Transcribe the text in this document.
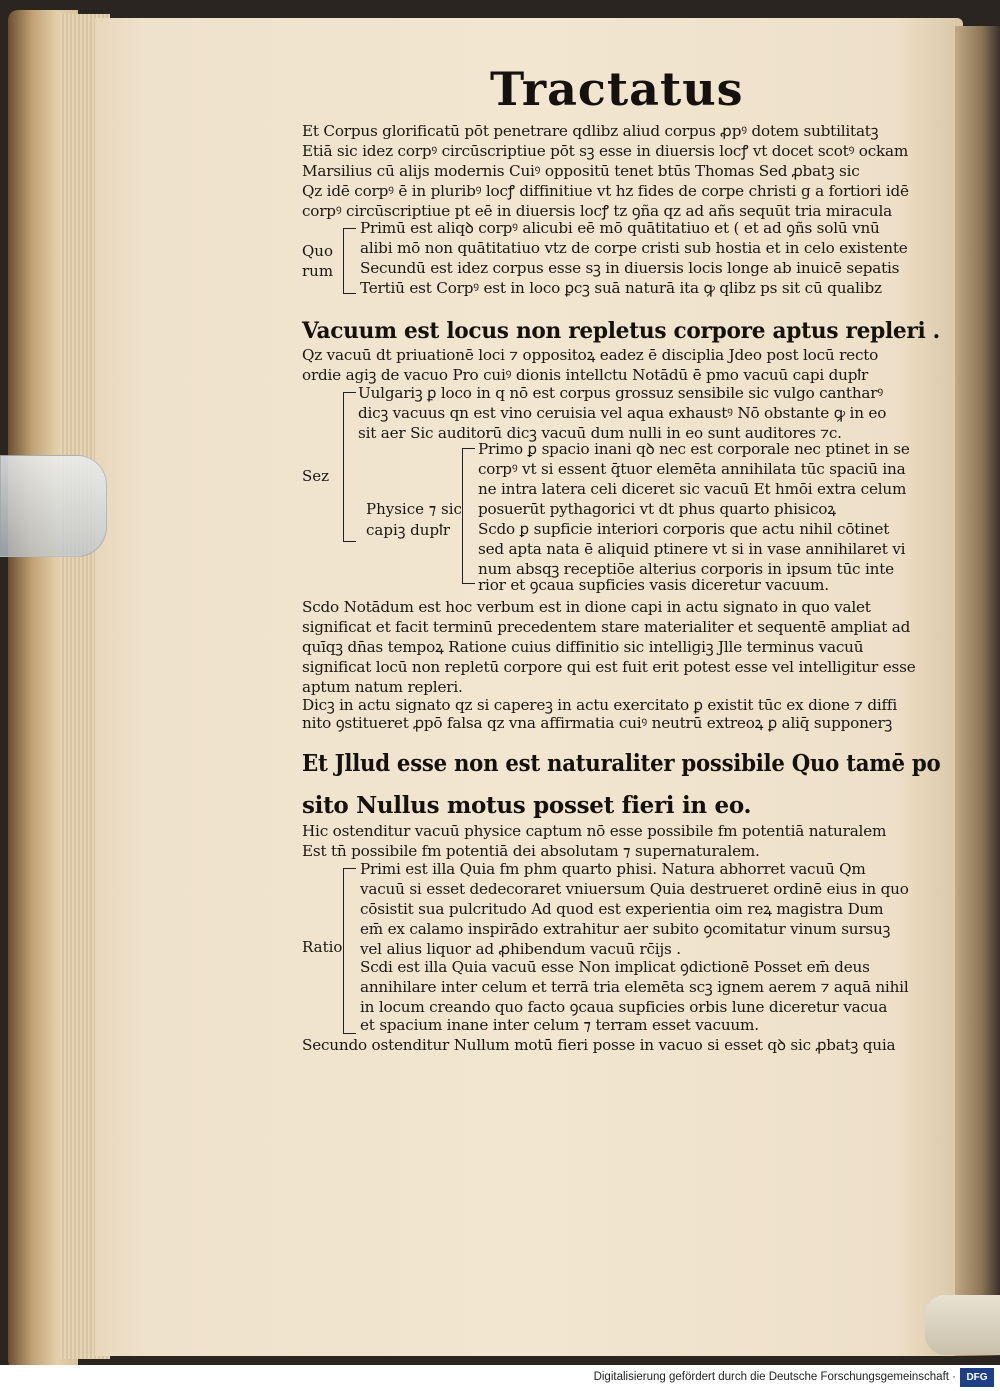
Tractatus
Et Corpus glorificatū pōt penetrare qdlibz aliud corpus ꝓpꝰ dotem subtilitatꝫ
Etiā sic idez corpꝰ circūscriptiue pōt sꝫ esse in diuersis locꝭ vt docet scotꝰ ockam
Marsilius cū alijs modernis Cuiꝰ oppositū tenet btūs Thomas Sed ꝓbatꝫ sic
Qz idē corpꝰ ē in pluribꝰ locꝭ diffinitiue vt hz fides de corpe christi g a fortiori idē
corpꝰ circūscriptiue pt eē in diuersis locꝭ tz ꝯña qz ad añs sequūt tria miracula
Quo
rum
Primū est aliqꝺ corpꝰ alicubi eē mō quātitatiuo et ( et ad ꝯñs solū vnū
alibi mō non quātitatiuo vtz de corpe cristi sub hostia et in celo existente
Secundū est idez corpus esse sꝫ in diuersis locis longe ab inuicē sepatis
Tertiū est Corpꝰ est in loco ꝑcꝫ suā naturā ita ꝙ qlibz ps sit cū qualibz
Vacuum est locus non repletus corpore aptus repleri .
Qz vacuū dt priuationē loci ⁊ oppositoꝝ eadez ē disciplia Jdeo post locū recto
ordie agiꝫ de vacuo Pro cuiꝰ dionis intellctu Notādū ē pmo vacuū capi dupꝉr
Sez
Uulgariꝫ ꝑ loco in q nō est corpus grossuz sensibile sic vulgo cantharꝰ
dicꝫ vacuus qn est vino ceruisia vel aqua exhaustꝰ Nō obstante ꝙ in eo
sit aer Sic auditorū dicꝫ vacuū dum nulli in eo sunt auditores ⁊c.
Physice ⁊ sic
capiꝫ dupꝉr
Primo ꝑ spacio inani qꝺ nec est corporale nec ptinet in se
corpꝰ vt si essent q̄tuor elemēta annihilata tūc spaciū ina
ne intra latera celi diceret sic vacuū Et hmōi extra celum
posuerūt pythagorici vt dt phus quarto phisicoꝝ
Scdo ꝑ supficie interiori corporis que actu nihil cōtinet
sed apta nata ē aliquid ptinere vt si in vase annihilaret vi
num absqꝫ receptiōe alterius corporis in ipsum tūc inte
rior et ꝯcaua supficies vasis diceretur vacuum.
Scdo Notādum est hoc verbum est in dione capi in actu signato in quo valet
significat et facit terminū precedentem stare materialiter et sequentē ampliat ad
quīqꝫ dn̄as tempoꝝ Ratione cuius diffinitio sic intelligiꝫ Jlle terminus vacuū
significat locū non repletū corpore qui est fuit erit potest esse vel intelligitur esse
aptum natum repleri.
Dicꝫ in actu signato qz si capereꝫ in actu exercitato ꝑ existit tūc ex dione ⁊ diffi
nito ꝯstitueret ꝓpō falsa qz vna affirmatia cuiꝰ neutrū extreoꝝ ꝑ aliq̄ supponerꝫ
Et Jllud esse non est naturaliter possibile Quo tamē po
sito Nullus motus posset fieri in eo.
Hic ostenditur vacuū physice captum nō esse possibile fm potentiā naturalem
Est tn̄ possibile fm potentiā dei absolutam ⁊ supernaturalem.
Ratio
Primi est illa Quia fm phm quarto phisi. Natura abhorret vacuū Qm
vacuū si esset dedecoraret vniuersum Quia destrueret ordinē eius in quo
cōsistit sua pulcritudo Ad quod est experientia oim reꝝ magistra Dum
em̄ ex calamo inspirādo extrahitur aer subito ꝯcomitatur vinum sursuꝫ
vel alius liquor ad ꝓhibendum vacuū rc̄ijs .
Scdi est illa Quia vacuū esse Non implicat ꝯdictionē Posset em̄ deus
annihilare inter celum et terrā tria elemēta scꝫ ignem aerem ⁊ aquā nihil
in locum creando quo facto ꝯcaua supficies orbis lune diceretur vacua
et spacium inane inter celum ⁊ terram esset vacuum.
Secundo ostenditur Nullum motū fieri posse in vacuo si esset qꝺ sic ꝓbatꝫ quia
Digitalisierung gefördert durch die Deutsche Forschungsgemeinschaft ·	DFG
